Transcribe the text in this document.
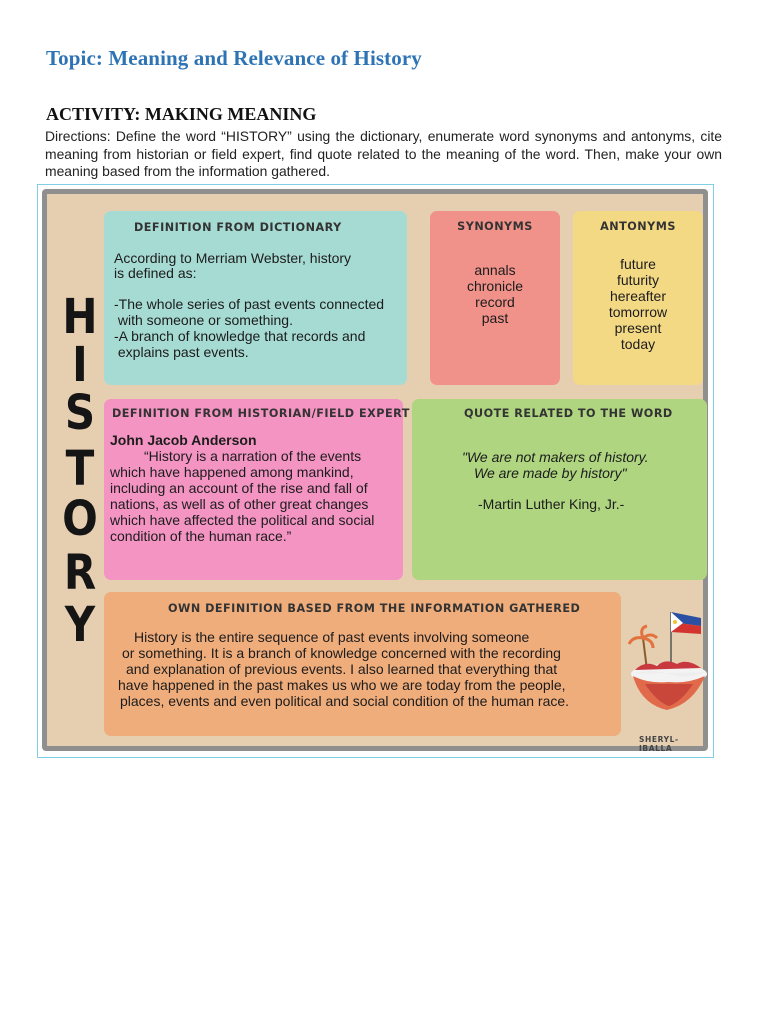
Topic: Meaning and Relevance of History
ACTIVITY: MAKING MEANING
Directions: Define the word “HISTORY” using the dictionary, enumerate word synonyms and antonyms, cite meaning from historian or field expert, find quote related to the meaning of the word. Then, make your own meaning based from the information gathered.
H
I
S
T
O
R
Y
DEFINITION FROM DICTIONARY
According to Merriam Webster, history
is defined as:
-The whole series of past events connected
with someone or something.
-A branch of knowledge that records and
explains past events.
SYNONYMS
annals
chronicle
record
past
ANTONYMS
future
futurity
hereafter
tomorrow
present
today
DEFINITION FROM HISTORIAN/FIELD EXPERT
John Jacob Anderson
“History is a narration of the events
which have happened among mankind,
including an account of the rise and fall of
nations, as well as of other great changes
which have affected the political and social
condition of the human race.”
QUOTE RELATED TO THE WORD
"We are not makers of history.
We are made by history"
-Martin Luther King, Jr.-
OWN DEFINITION BASED FROM THE INFORMATION GATHERED
History is the entire sequence of past events involving someone
or something. It is a branch of knowledge concerned with the recording
and explanation of previous events. I also learned that everything that
have happened in the past makes us who we are today from the people,
places, events and even political and social condition of the human race.
SHERYL-IBALLA
